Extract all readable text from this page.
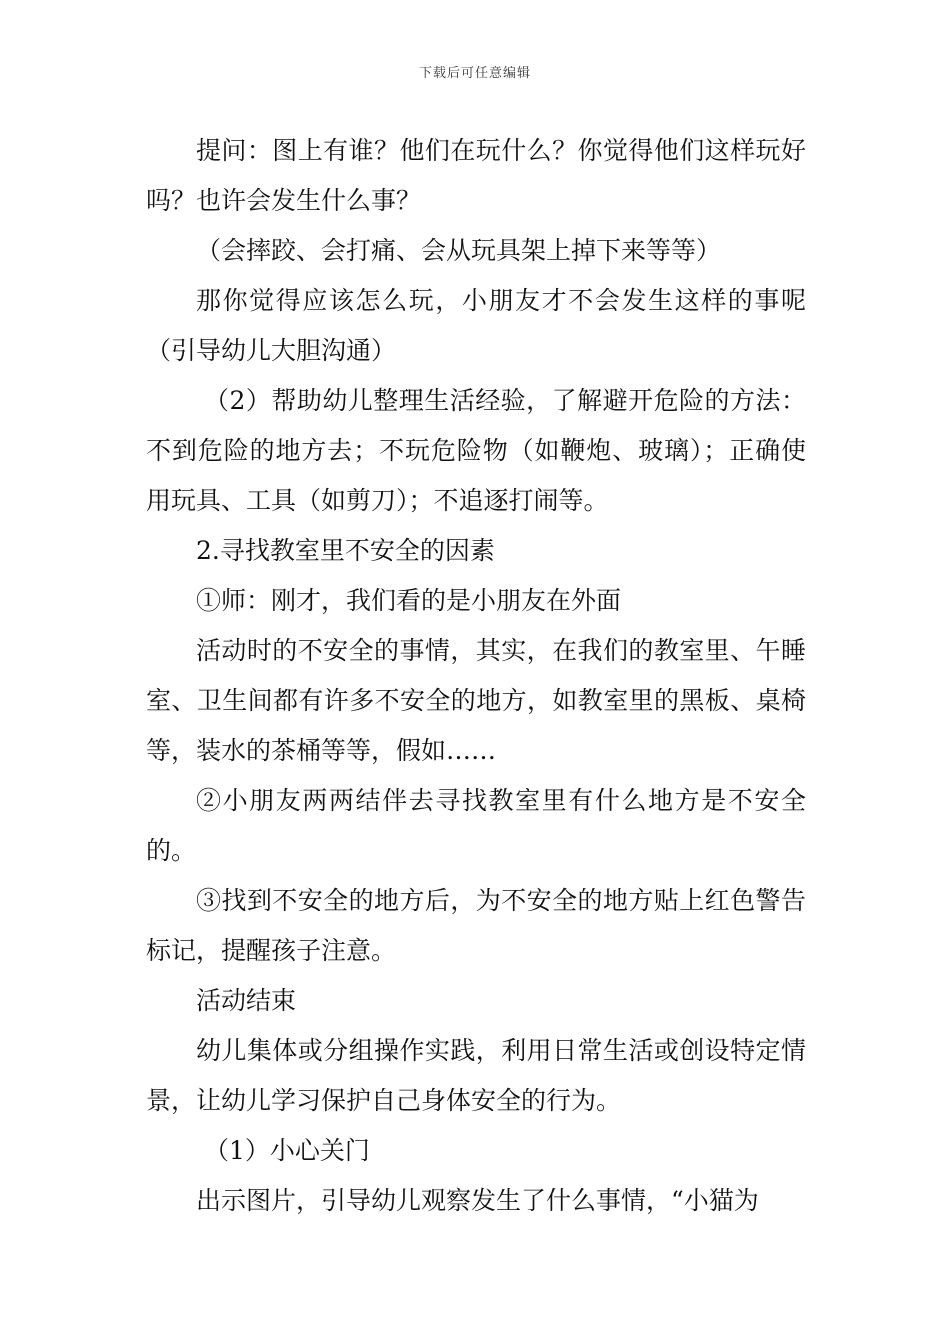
下载后可任意编辑

提问：图上有谁？他们在玩什么？你觉得他们这样玩好吗？也许会发生什么事？

（会摔跤、会打痛、会从玩具架上掉下来等等）

那你觉得应该怎么玩，小朋友才不会发生这样的事呢（引导幼儿大胆沟通）

（2）帮助幼儿整理生活经验，了解避开危险的方法：不到危险的地方去；不玩危险物（如鞭炮、玻璃）；正确使用玩具、工具（如剪刀）；不追逐打闹等。

2.寻找教室里不安全的因素

①师：刚才，我们看的是小朋友在外面

活动时的不安全的事情，其实，在我们的教室里、午睡室、卫生间都有许多不安全的地方，如教室里的黑板、桌椅等，装水的茶桶等等，假如……

②小朋友两两结伴去寻找教室里有什么地方是不安全的。

③找到不安全的地方后，为不安全的地方贴上红色警告标记，提醒孩子注意。

活动结束

幼儿集体或分组操作实践，利用日常生活或创设特定情景，让幼儿学习保护自己身体安全的行为。

（1）小心关门

出示图片，引导幼儿观察发生了什么事情，“小猫为
